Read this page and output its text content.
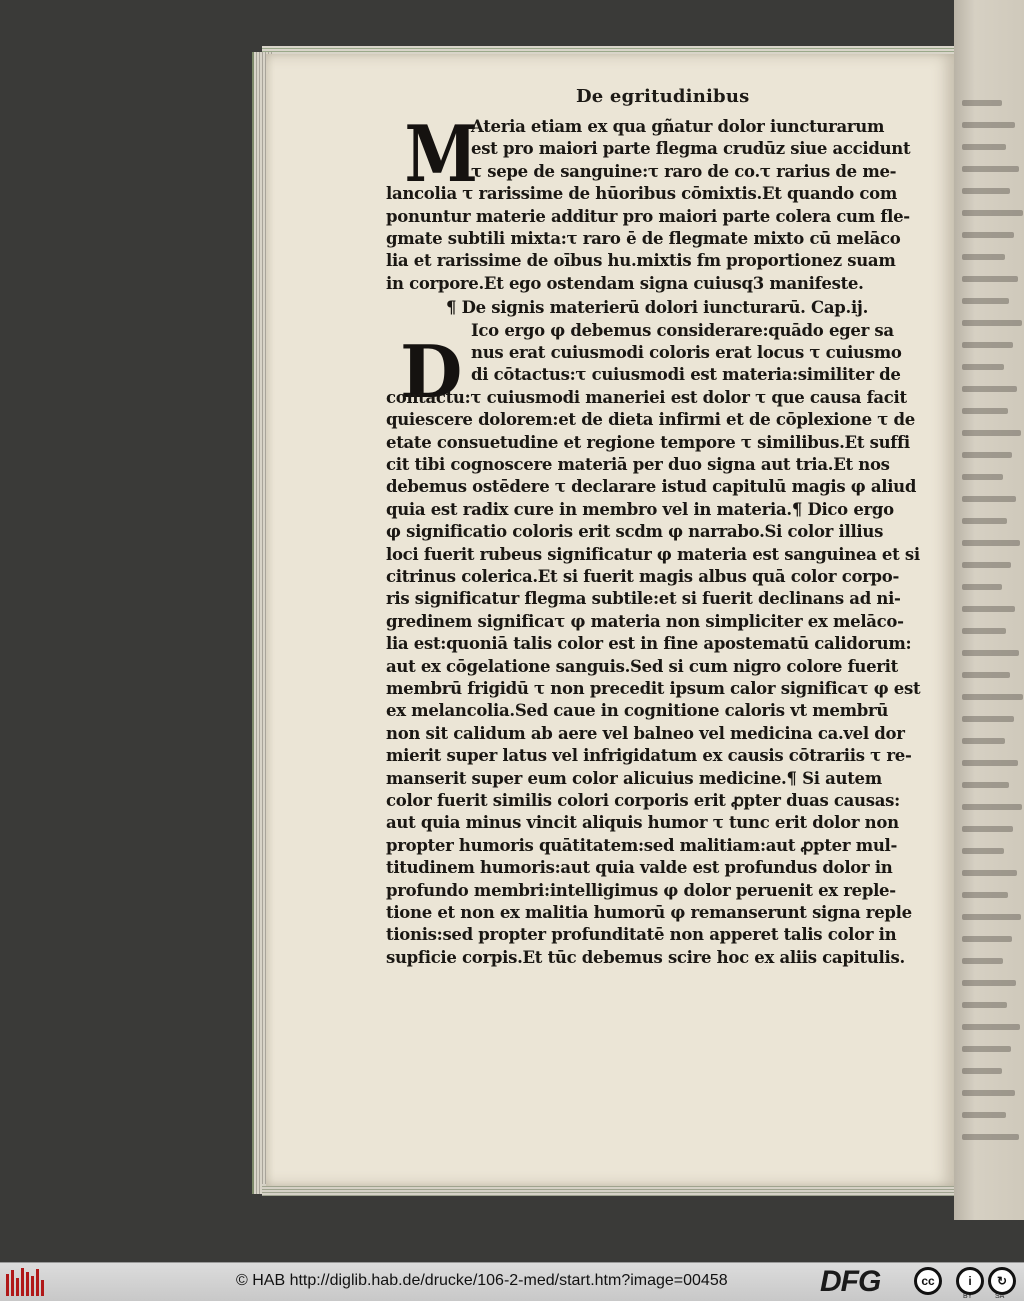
De egritudinibus
M
D
Ateria etiam ex qua gñatur dolor iuncturarum
est pro maiori parte flegma crudūz siue accidunt
τ sepe de sanguine:τ raro de co.τ rarius de me-
lancolia τ rarissime de hūoribus cōmixtis.Et quando com
ponuntur materie additur pro maiori parte colera cum fle-
gmate subtili mixta:τ raro ē de flegmate mixto cū melāco
lia et rarissime de oībus hu.mixtis fm proportionez suam
in corpore.Et ego ostendam signa cuiusq3 manifeste.
¶ De signis materierū dolori iuncturarū. Cap.ij.
Ico ergo φ debemus considerare:quādo eger sa
nus erat cuiusmodi coloris erat locus τ cuiusmo
di cōtactus:τ cuiusmodi est materia:similiter de
contactu:τ cuiusmodi maneriei est dolor τ que causa facit
quiescere dolorem:et de dieta infirmi et de cōplexione τ de
etate consuetudine et regione tempore τ similibus.Et suffi
cit tibi cognoscere materiā per duo signa aut tria.Et nos
debemus ostēdere τ declarare istud capitulū magis φ aliud
quia est radix cure in membro vel in materia.¶ Dico ergo
φ significatio coloris erit scdm φ narrabo.Si color illius
loci fuerit rubeus significatur φ materia est sanguinea et si
citrinus colerica.Et si fuerit magis albus quā color corpo-
ris significatur flegma subtile:et si fuerit declinans ad ni-
gredinem significaτ φ materia non simpliciter ex melāco-
lia est:quoniā talis color est in fine apostematū calidorum:
aut ex cōgelatione sanguis.Sed si cum nigro colore fuerit
membrū frigidū τ non precedit ipsum calor significaτ φ est
ex melancolia.Sed caue in cognitione caloris vt membrū
non sit calidum ab aere vel balneo vel medicina ca.vel dor
mierit super latus vel infrigidatum ex causis cōtrariis τ re-
manserit super eum color alicuius medicine.¶ Si autem
color fuerit similis colori corporis erit ꝓpter duas causas:
aut quia minus vincit aliquis humor τ tunc erit dolor non
propter humoris quātitatem:sed malitiam:aut ꝓpter mul-
titudinem humoris:aut quia valde est profundus dolor in
profundo membri:intelligimus φ dolor peruenit ex reple-
tione et non ex malitia humorū φ remanserunt signa reple
tionis:sed propter profunditatē non apperet talis color in
supficie corpis.Et tūc debemus scire hoc ex aliis capitulis.
© HAB http://diglib.hab.de/drucke/106-2-med/start.htm?image=00458	DFG	cc	i	↻
BY	SA
